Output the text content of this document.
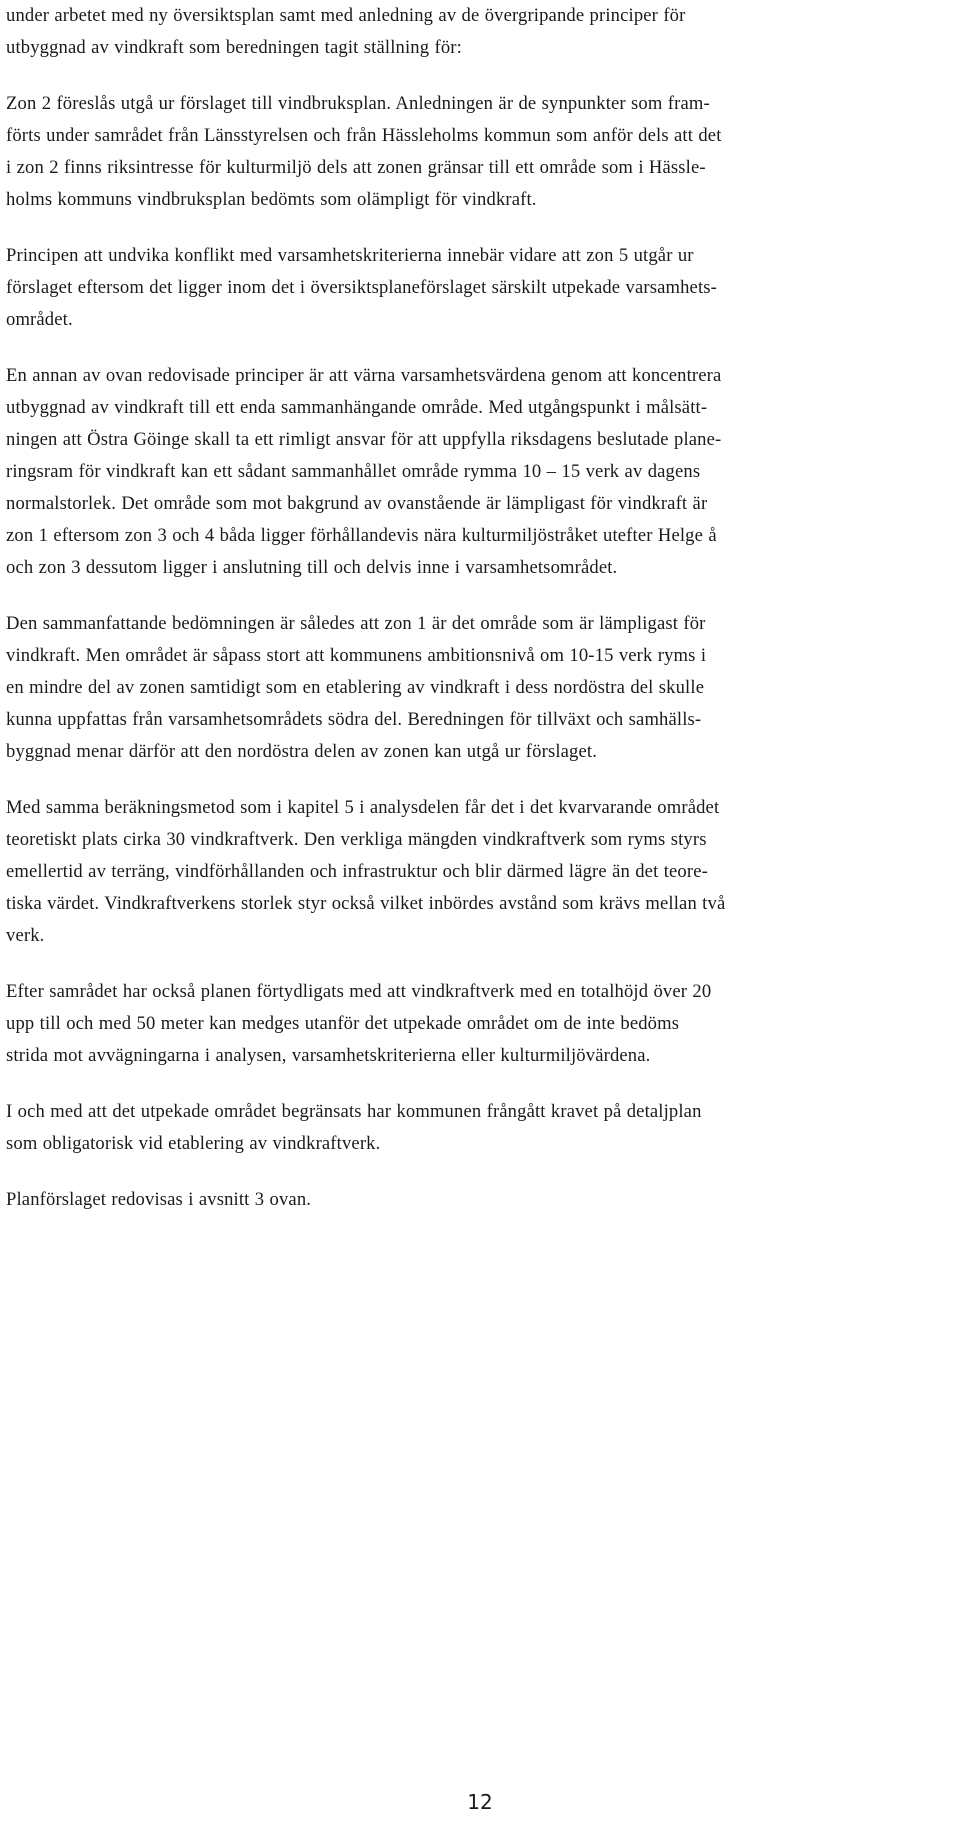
under arbetet med ny översiktsplan samt med anledning av de övergripande principer för
utbyggnad av vindkraft som beredningen tagit ställning för:

Zon 2 föreslås utgå ur förslaget till vindbruksplan. Anledningen är de synpunkter som fram-
förts under samrådet från Länsstyrelsen och från Hässleholms kommun som anför dels att det
i zon 2 finns riksintresse för kulturmiljö dels att zonen gränsar till ett område som i Hässle-
holms kommuns vindbruksplan bedömts som olämpligt för vindkraft.

Principen att undvika konflikt med varsamhetskriterierna innebär vidare att zon 5 utgår ur
förslaget eftersom det ligger inom det i översiktsplaneförslaget särskilt utpekade varsamhets-
området.

En annan av ovan redovisade principer är att värna varsamhetsvärdena genom att koncentrera
utbyggnad av vindkraft till ett enda sammanhängande område. Med utgångspunkt i målsätt-
ningen att Östra Göinge skall ta ett rimligt ansvar för att uppfylla riksdagens beslutade plane-
ringsram för vindkraft kan ett sådant sammanhållet område rymma 10 – 15 verk av dagens
normalstorlek. Det område som mot bakgrund av ovanstående är lämpligast för vindkraft är
zon 1 eftersom zon 3 och 4 båda ligger förhållandevis nära kulturmiljöstråket utefter Helge å
och zon 3 dessutom ligger i anslutning till och delvis inne i varsamhetsområdet.

Den sammanfattande bedömningen är således att zon 1 är det område som är lämpligast för
vindkraft. Men området är såpass stort att kommunens ambitionsnivå om 10-15 verk ryms i
en mindre del av zonen samtidigt som en etablering av vindkraft i dess nordöstra del skulle
kunna uppfattas från varsamhetsområdets södra del. Beredningen för tillväxt och samhälls-
byggnad menar därför att den nordöstra delen av zonen kan utgå ur förslaget.

Med samma beräkningsmetod som i kapitel 5 i analysdelen får det i det kvarvarande området
teoretiskt plats cirka 30 vindkraftverk. Den verkliga mängden vindkraftverk som ryms styrs
emellertid av terräng, vindförhållanden och infrastruktur och blir därmed lägre än det teore-
tiska värdet. Vindkraftverkens storlek styr också vilket inbördes avstånd som krävs mellan två
verk.

Efter samrådet har också planen förtydligats med att vindkraftverk med en totalhöjd över 20
upp till och med 50 meter kan medges utanför det utpekade området om de inte bedöms
strida mot avvägningarna i analysen, varsamhetskriterierna eller kulturmiljövärdena.

I och med att det utpekade området begränsats har kommunen frångått kravet på detaljplan
som obligatorisk vid etablering av vindkraftverk.

Planförslaget redovisas i avsnitt 3 ovan.

12
